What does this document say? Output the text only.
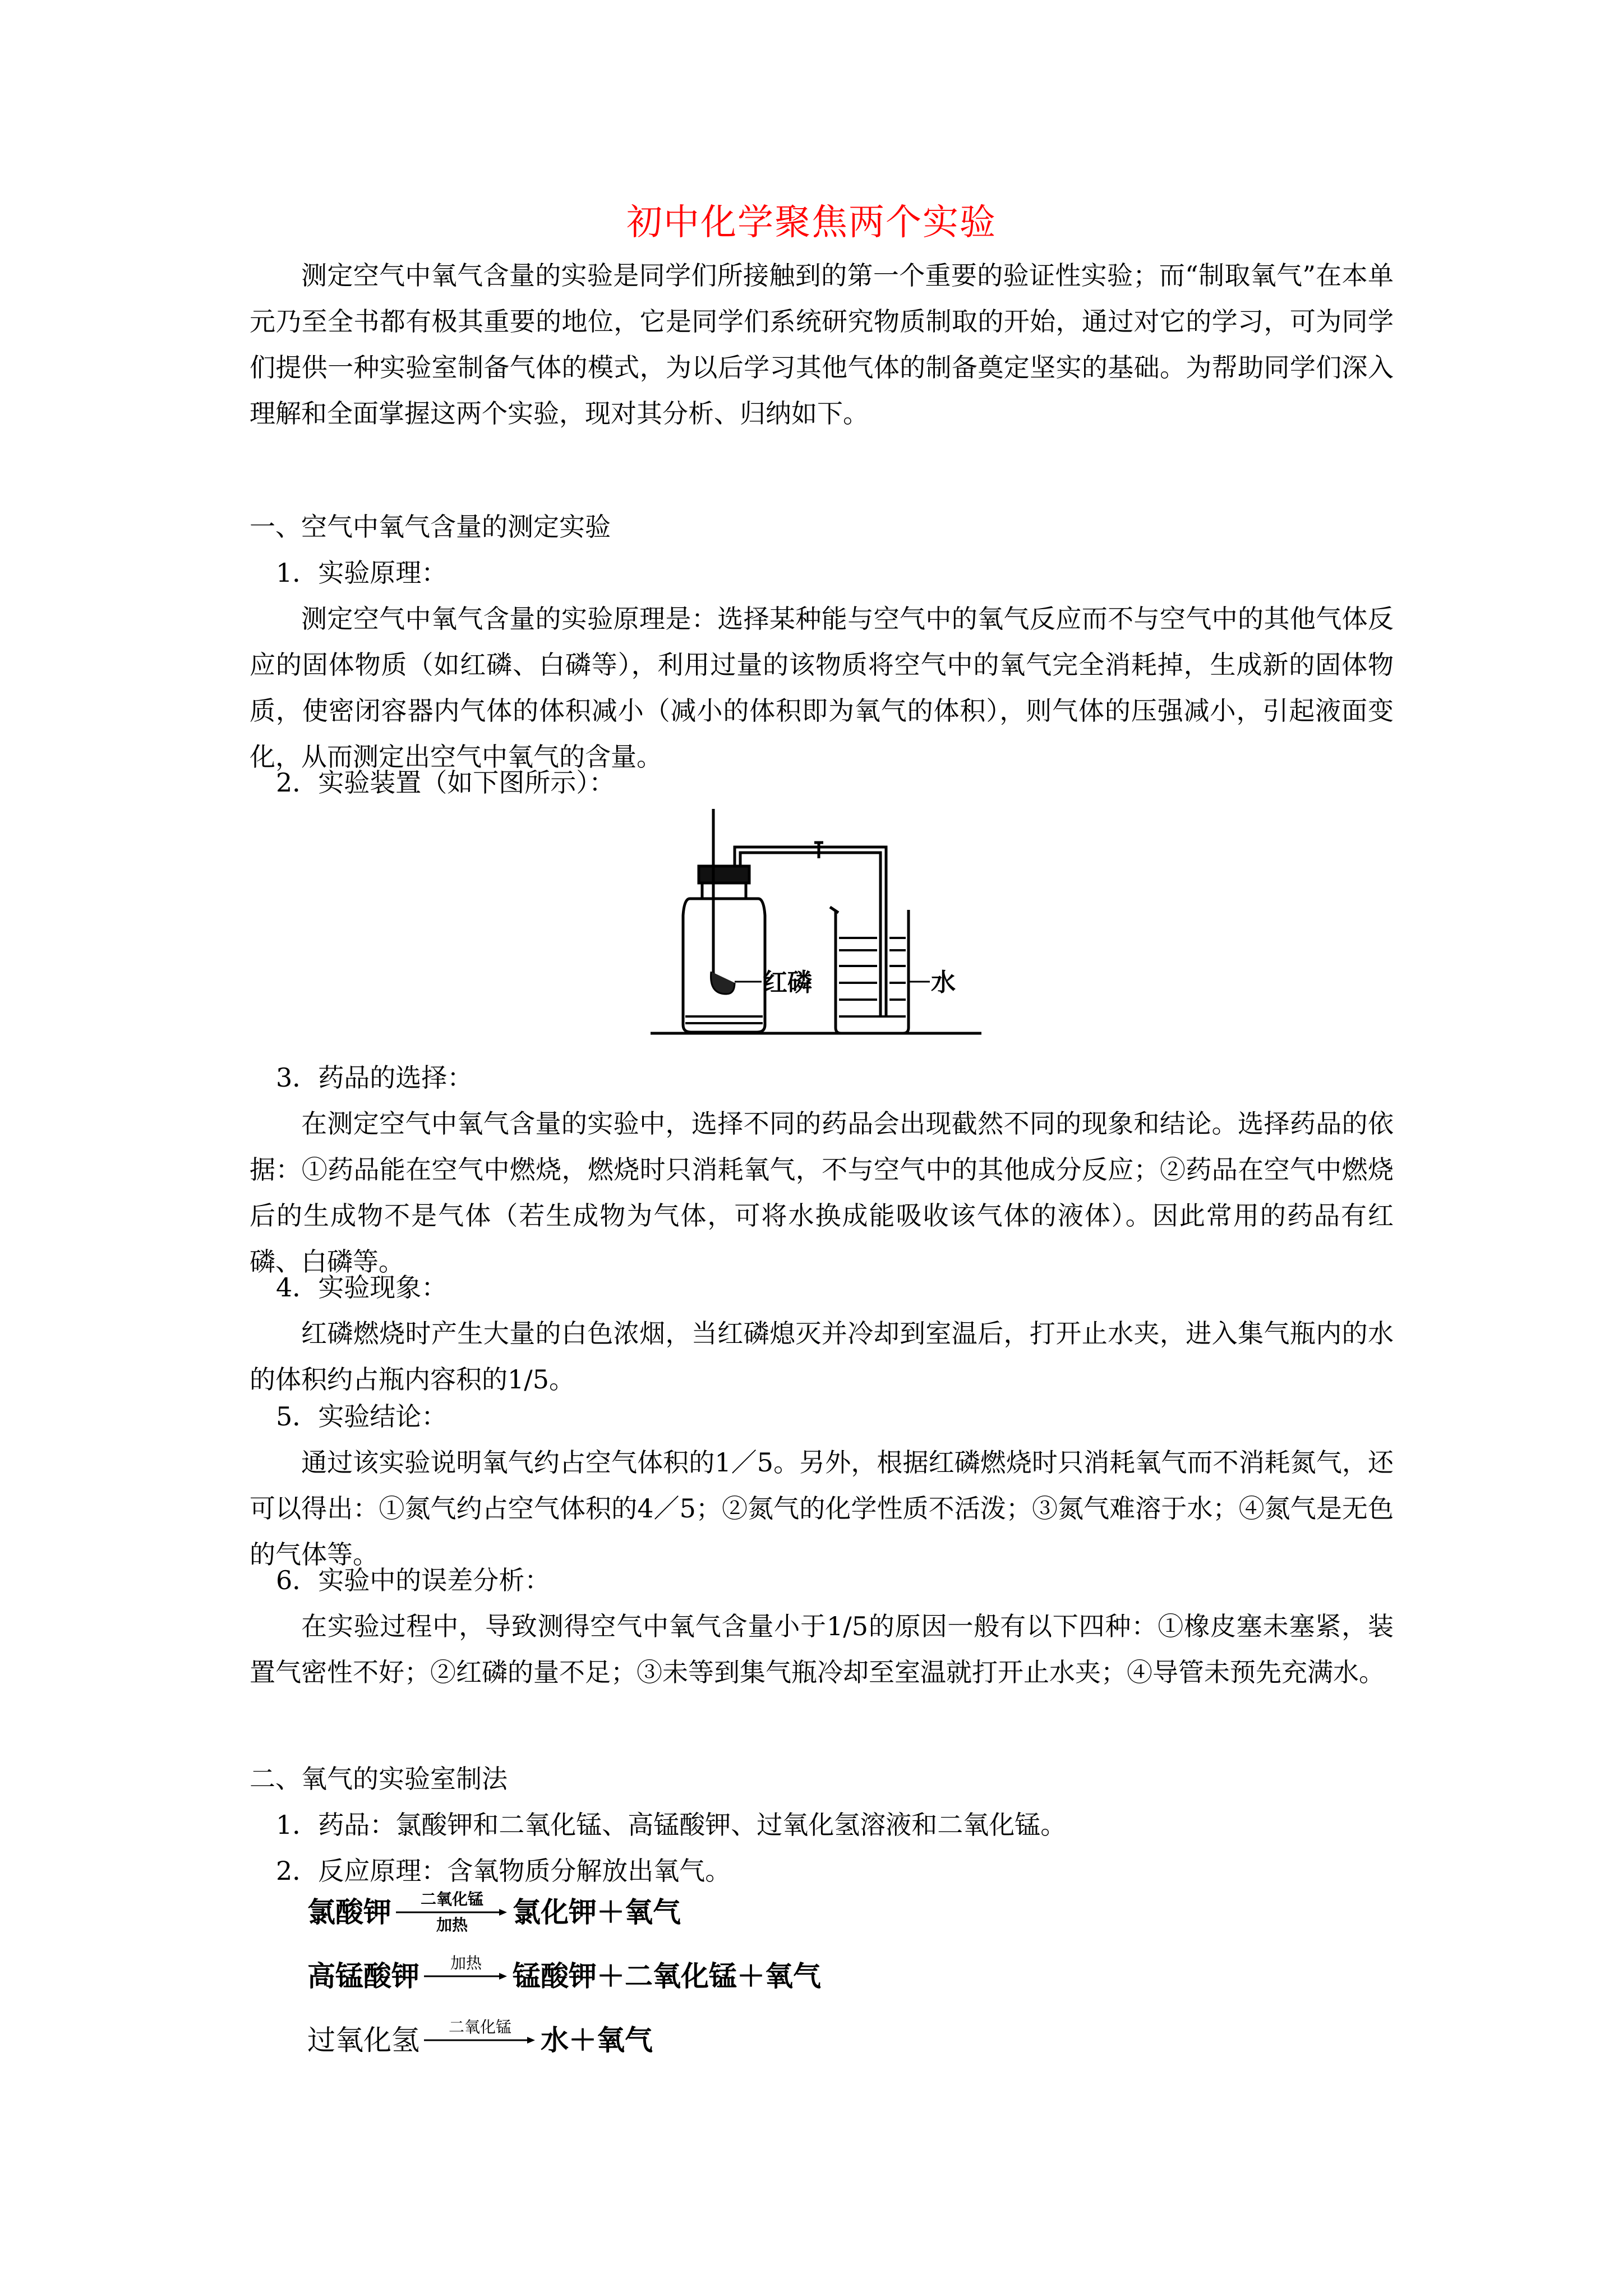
初中化学聚焦两个实验
测定空气中氧气含量的实验是同学们所接触到的第一个重要的验证性实验；而“制取氧气”在本单元乃至全书都有极其重要的地位，它是同学们系统研究物质制取的开始，通过对它的学习，可为同学们提供一种实验室制备气体的模式，为以后学习其他气体的制备奠定坚实的基础。为帮助同学们深入理解和全面掌握这两个实验，现对其分析、归纳如下。
一、空气中氧气含量的测定实验
1．实验原理：
测定空气中氧气含量的实验原理是：选择某种能与空气中的氧气反应而不与空气中的其他气体反应的固体物质（如红磷、白磷等），利用过量的该物质将空气中的氧气完全消耗掉，生成新的固体物质，使密闭容器内气体的体积减小（减小的体积即为氧气的体积），则气体的压强减小，引起液面变化，从而测定出空气中氧气的含量。
2．实验装置（如下图所示）：
红磷	水
3．药品的选择：
在测定空气中氧气含量的实验中，选择不同的药品会出现截然不同的现象和结论。选择药品的依据：①药品能在空气中燃烧，燃烧时只消耗氧气，不与空气中的其他成分反应；②药品在空气中燃烧后的生成物不是气体（若生成物为气体，可将水换成能吸收该气体的液体）。因此常用的药品有红磷、白磷等。
4．实验现象：
红磷燃烧时产生大量的白色浓烟，当红磷熄灭并冷却到室温后，打开止水夹，进入集气瓶内的水的体积约占瓶内容积的1/5。
5．实验结论：
通过该实验说明氧气约占空气体积的1／5。另外，根据红磷燃烧时只消耗氧气而不消耗氮气，还可以得出：①氮气约占空气体积的4／5；②氮气的化学性质不活泼；③氮气难溶于水；④氮气是无色的气体等。
6．实验中的误差分析：
在实验过程中，导致测得空气中氧气含量小于1/5的原因一般有以下四种：①橡皮塞未塞紧，装置气密性不好；②红磷的量不足；③未等到集气瓶冷却至室温就打开止水夹；④导管未预先充满水。
二、氧气的实验室制法
1．药品：氯酸钾和二氧化锰、高锰酸钾、过氧化氢溶液和二氧化锰。
2．反应原理：含氧物质分解放出氧气。
氯酸钾 二氧化锰
加热 氯化钾＋氧气
高锰酸钾 加热 锰酸钾＋二氧化锰＋氧气
过氧化氢 二氧化锰 水＋氧气
